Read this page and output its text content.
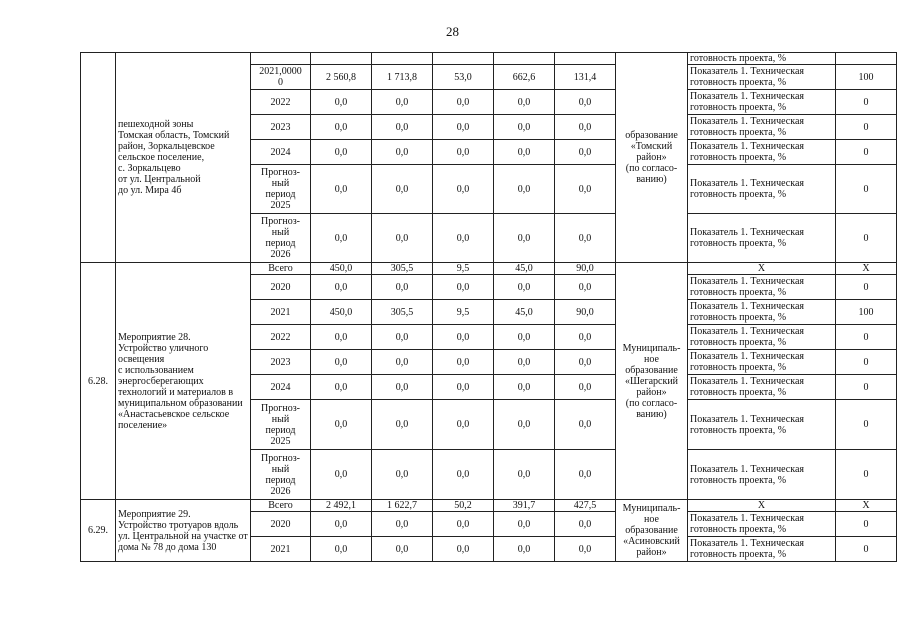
28
	пешеходной зоны
Томская область, Томский район, Зоркальцевское сельское поселение,
с. Зоркальцево
от ул. Центральной
до ул. Мира 4б							образование
«Томский район»
(по согласо-ванию)	готовность проекта, %	
		2021,0000
0	2 560,8	1 713,8	53,0	662,6	131,4		Показатель 1. Техническая готовность проекта, %	100
		2022	0,0	0,0	0,0	0,0	0,0		Показатель 1. Техническая готовность проекта, %	0
		2023	0,0	0,0	0,0	0,0	0,0		Показатель 1. Техническая готовность проекта, %	0
		2024	0,0	0,0	0,0	0,0	0,0		Показатель 1. Техническая готовность проекта, %	0
		Прогноз-
ный
период
2025	0,0	0,0	0,0	0,0	0,0		Показатель 1. Техническая готовность проекта, %	0
		Прогноз-
ный
период
2026	0,0	0,0	0,0	0,0	0,0		Показатель 1. Техническая готовность проекта, %	0
6.28.	Мероприятие 28.
Устройство уличного освещения
с использованием энергосберегающих технологий и материалов в муниципальном образовании «Анастасьевское сельское поселение»	Всего	450,0	305,5	9,5	45,0	90,0	Муниципаль-
ное
образование
«Шегарский район»
(по согласо-ванию)	X	X
		2020	0,0	0,0	0,0	0,0	0,0		Показатель 1. Техническая готовность проекта, %	0
		2021	450,0	305,5	9,5	45,0	90,0		Показатель 1. Техническая готовность проекта, %	100
		2022	0,0	0,0	0,0	0,0	0,0		Показатель 1. Техническая готовность проекта, %	0
		2023	0,0	0,0	0,0	0,0	0,0		Показатель 1. Техническая готовность проекта, %	0
		2024	0,0	0,0	0,0	0,0	0,0		Показатель 1. Техническая готовность проекта, %	0
		Прогноз-
ный
период
2025	0,0	0,0	0,0	0,0	0,0		Показатель 1. Техническая готовность проекта, %	0
		Прогноз-
ный
период
2026	0,0	0,0	0,0	0,0	0,0		Показатель 1. Техническая готовность проекта, %	0
6.29.	Мероприятие 29.
Устройство тротуаров вдоль ул. Центральной на участке от дома № 78 до дома 130	Всего	2 492,1	1 622,7	50,2	391,7	427,5	Муниципаль-
ное
образование
«Асиновский район»	X	X
		2020	0,0	0,0	0,0	0,0	0,0		Показатель 1. Техническая готовность проекта, %	0
		2021	0,0	0,0	0,0	0,0	0,0		Показатель 1. Техническая готовность проекта, %	0
